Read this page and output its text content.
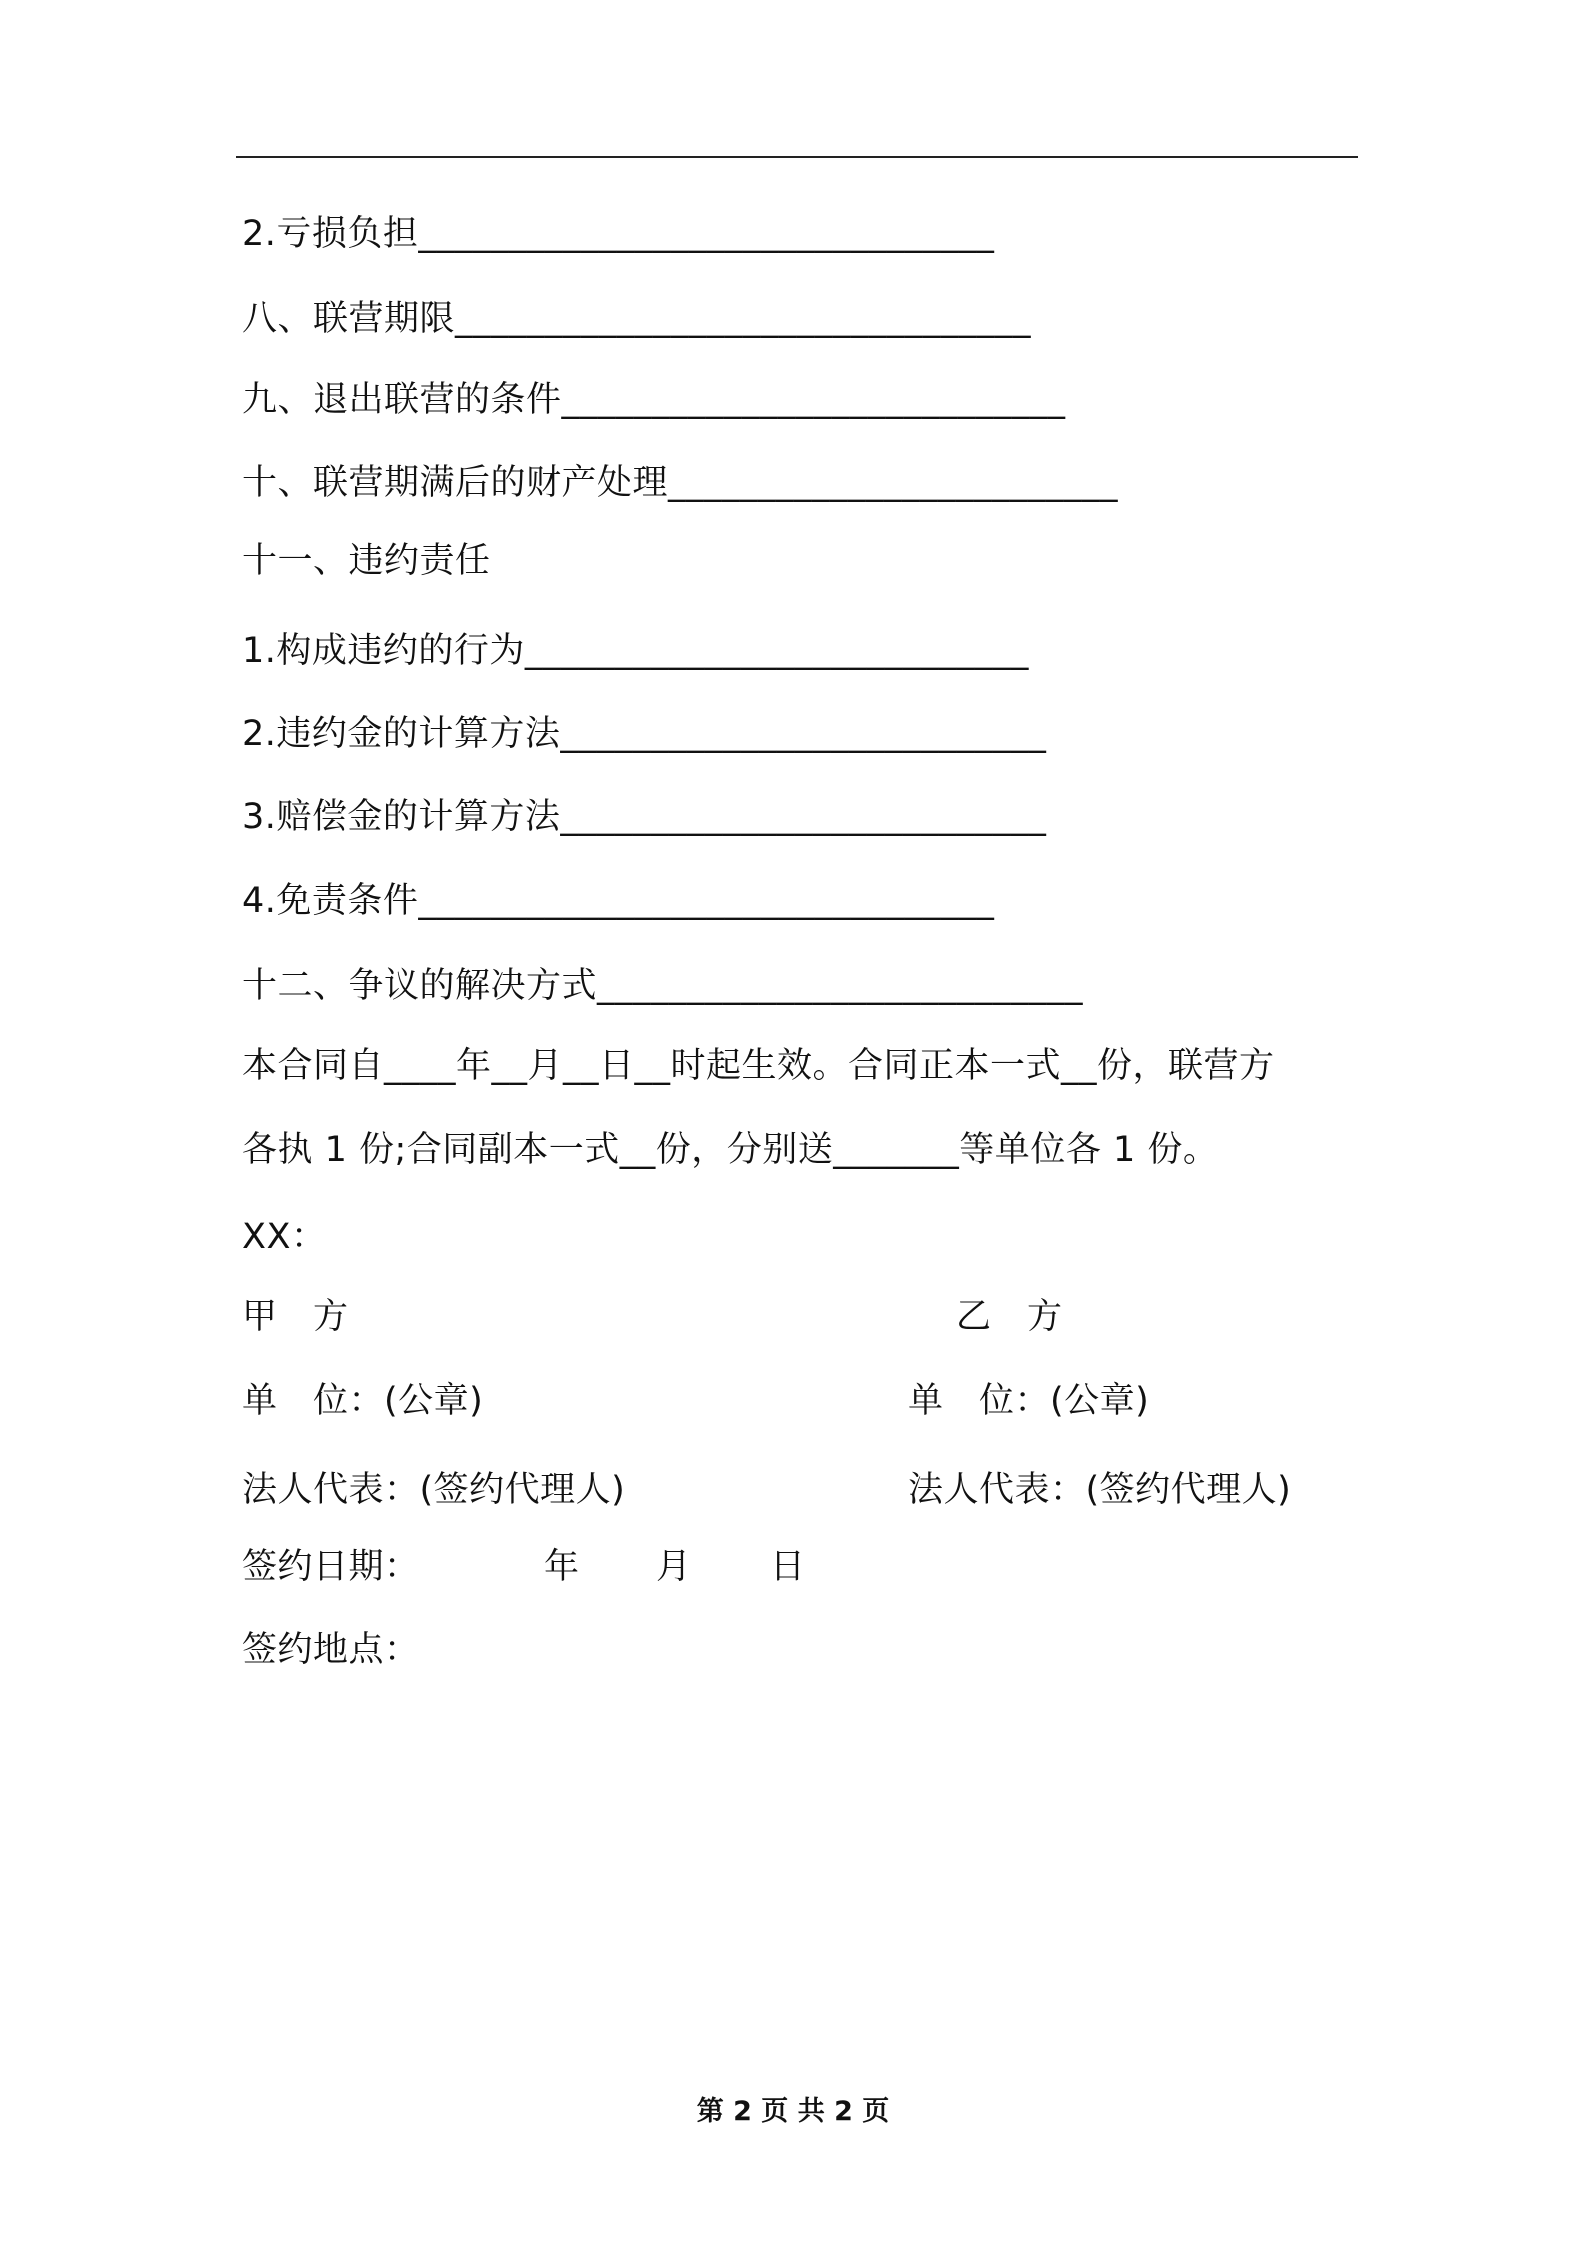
2.亏损负担________________________________
八、联营期限________________________________
九、退出联营的条件____________________________
十、联营期满后的财产处理_________________________
十一、违约责任
1.构成违约的行为____________________________
2.违约金的计算方法___________________________
3.赔偿金的计算方法___________________________
4.免责条件________________________________
十二、争议的解决方式___________________________
本合同自____年__月__日__时起生效。合同正本一式__份，联营方
各执 1 份;合同副本一式__份，分别送_______等单位各 1 份。
XX：
甲　方	乙　方
单　位：(公章)	单　位：(公章)
法人代表：(签约代理人)	法人代表：(签约代理人)
签约日期：	年 月 日
签约地点：
第 2 页 共 2 页
